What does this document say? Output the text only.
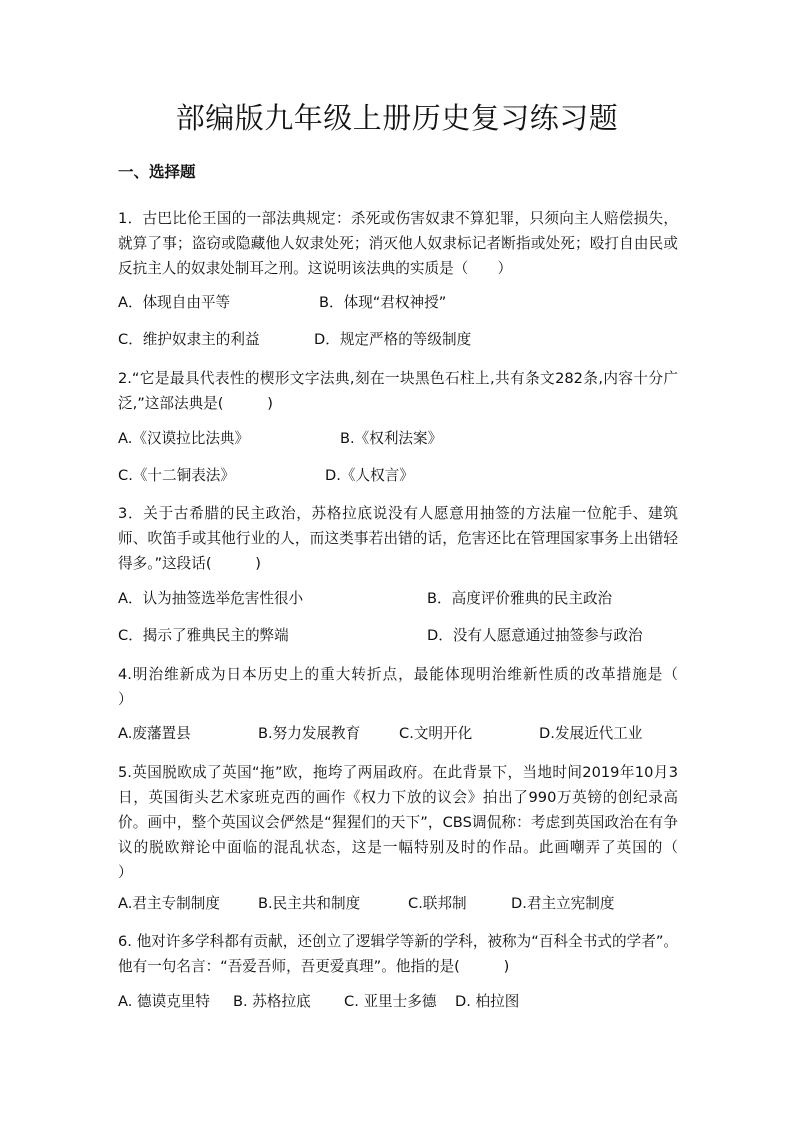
部编版九年级上册历史复习练习题
一、选择题
1．古巴比伦王国的一部法典规定：杀死或伤害奴隶不算犯罪，只须向主人赔偿损失，就算了事；盗窃或隐藏他人奴隶处死；消灭他人奴隶标记者断指或处死；殴打自由民或反抗主人的奴隶处制耳之刑。这说明该法典的实质是（　　）
A．体现自由平等	B．体现“君权神授”
C．维护奴隶主的利益	D．规定严格的等级制度
2.“它是最具代表性的楔形文字法典,刻在一块黑色石柱上,共有条文282条,内容十分广泛,”这部法典是(　　　)
A.《汉谟拉比法典》	B.《权利法案》
C.《十二铜表法》	D.《人权言》
3．关于古希腊的民主政治，苏格拉底说没有人愿意用抽签的方法雇一位舵手、建筑师、吹笛手或其他行业的人，而这类事若出错的话，危害还比在管理国家事务上出错轻得多。”这段话(　　　)
A．认为抽签选举危害性很小	B．高度评价雅典的民主政治
C．揭示了雅典民主的弊端	D．没有人愿意通过抽签参与政治
4.明治维新成为日本历史上的重大转折点，最能体现明治维新性质的改革措施是（　　）
A.废藩置县	B.努力发展教育	C.文明开化	D.发展近代工业
5.英国脱欧成了英国“拖”欧，拖垮了两届政府。在此背景下，当地时间2019年10月3日，英国街头艺术家班克西的画作《权力下放的议会》拍出了990万英镑的创纪录高价。画中，整个英国议会俨然是“猩猩们的天下”，CBS调侃称：考虑到英国政治在有争议的脱欧辩论中面临的混乱状态，这是一幅特别及时的作品。此画嘲弄了英国的（　　）
A.君主专制制度	B.民主共和制度	C.联邦制	D.君主立宪制度
6. 他对许多学科都有贡献，还创立了逻辑学等新的学科，被称为“百科全书式的学者”。他有一句名言：“吾爱吾师，吾更爱真理”。他指的是(　　　)
A. 德谟克里特 B. 苏格拉底 C. 亚里士多德 D. 柏拉图
